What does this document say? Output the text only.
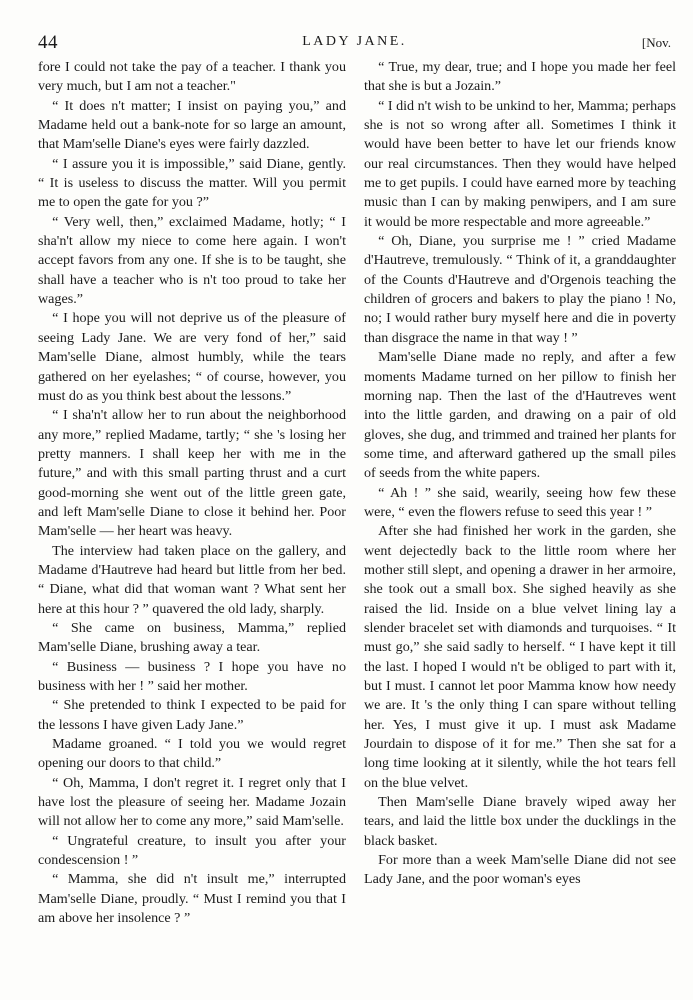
44	LADY JANE.	[Nov.

fore I could not take the pay of a teacher. I thank you very much, but I am not a teacher."

“ It does n't matter; I insist on paying you,” and Madame held out a bank-note for so large an amount, that Mam'selle Diane's eyes were fairly dazzled.

“ I assure you it is impossible,” said Diane, gently. “ It is useless to discuss the matter. Will you permit me to open the gate for you ?”

“ Very well, then,” exclaimed Madame, hotly; “ I sha'n't allow my niece to come here again. I won't accept favors from any one. If she is to be taught, she shall have a teacher who is n't too proud to take her wages.”

“ I hope you will not deprive us of the pleasure of seeing Lady Jane. We are very fond of her,” said Mam'selle Diane, almost humbly, while the tears gathered on her eyelashes; “ of course, however, you must do as you think best about the lessons.”

“ I sha'n't allow her to run about the neighborhood any more,” replied Madame, tartly; “ she 's losing her pretty manners. I shall keep her with me in the future,” and with this small parting thrust and a curt good-morning she went out of the little green gate, and left Mam'selle Diane to close it behind her. Poor Mam'selle — her heart was heavy.

The interview had taken place on the gallery, and Madame d'Hautreve had heard but little from her bed. “ Diane, what did that woman want ? What sent her here at this hour ? ” quavered the old lady, sharply.

“ She came on business, Mamma,” replied Mam'selle Diane, brushing away a tear.

“ Business — business ? I hope you have no business with her ! ” said her mother.

“ She pretended to think I expected to be paid for the lessons I have given Lady Jane.”

Madame groaned. “ I told you we would regret opening our doors to that child.”

“ Oh, Mamma, I don't regret it. I regret only that I have lost the pleasure of seeing her. Madame Jozain will not allow her to come any more,” said Mam'selle.

“ Ungrateful creature, to insult you after your condescension ! ”

“ Mamma, she did n't insult me,” interrupted Mam'selle Diane, proudly. “ Must I remind you that I am above her insolence ? ”

“ True, my dear, true; and I hope you made her feel that she is but a Jozain.”

“ I did n't wish to be unkind to her, Mamma; perhaps she is not so wrong after all. Sometimes I think it would have been better to have let our friends know our real circumstances. Then they would have helped me to get pupils. I could have earned more by teaching music than I can by making penwipers, and I am sure it would be more respectable and more agreeable.”

“ Oh, Diane, you surprise me ! ” cried Madame d'Hautreve, tremulously. “ Think of it, a granddaughter of the Counts d'Hautreve and d'Orgenois teaching the children of grocers and bakers to play the piano ! No, no; I would rather bury myself here and die in poverty than disgrace the name in that way ! ”

Mam'selle Diane made no reply, and after a few moments Madame turned on her pillow to finish her morning nap. Then the last of the d'Hautreves went into the little garden, and drawing on a pair of old gloves, she dug, and trimmed and trained her plants for some time, and afterward gathered up the small piles of seeds from the white papers.

“ Ah ! ” she said, wearily, seeing how few these were, “ even the flowers refuse to seed this year ! ”

After she had finished her work in the garden, she went dejectedly back to the little room where her mother still slept, and opening a drawer in her armoire, she took out a small box. She sighed heavily as she raised the lid. Inside on a blue velvet lining lay a slender bracelet set with diamonds and turquoises. “ It must go,” she said sadly to herself. “ I have kept it till the last. I hoped I would n't be obliged to part with it, but I must. I cannot let poor Mamma know how needy we are. It 's the only thing I can spare without telling her. Yes, I must give it up. I must ask Madame Jourdain to dispose of it for me.” Then she sat for a long time looking at it silently, while the hot tears fell on the blue velvet.

Then Mam'selle Diane bravely wiped away her tears, and laid the little box under the ducklings in the black basket.

For more than a week Mam'selle Diane did not see Lady Jane, and the poor woman's eyes
